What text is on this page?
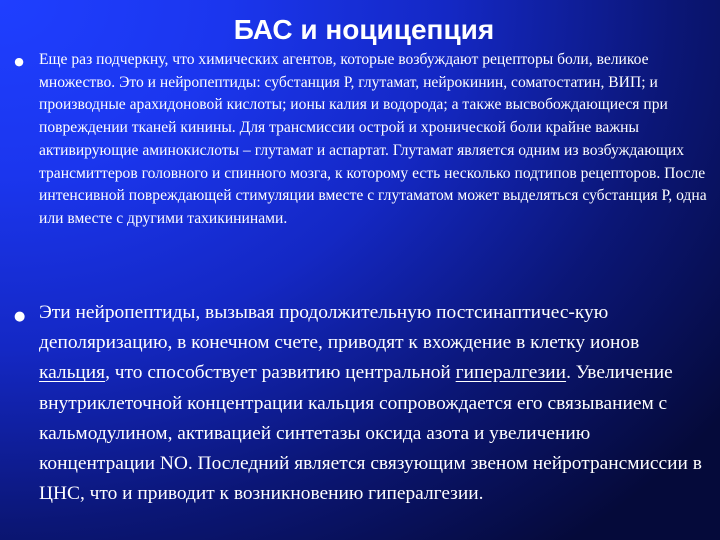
БАС и ноцицепция
● Еще раз подчеркну, что химических агентов, которые возбуждают рецепторы боли, великое множество. Это и нейропептиды: субстанция Р, глутамат, нейрокинин, соматостатин, ВИП; и производные арахидоновой кислоты; ионы калия и водорода; а также высвобождающиеся при повреждении тканей кинины. Для трансмиссии острой и хронической боли крайне важны активирующие аминокислоты – глутамат и аспартат. Глутамат является одним из возбуждающих трансмиттеров головного и спинного мозга, к которому есть несколько подтипов рецепторов. После интенсивной повреждающей стимуляции вместе с глутаматом может выделяться субстанция Р, одна или вместе с другими тахикининами.

● Эти нейропептиды, вызывая продолжительную постсинаптичес-кую деполяризацию, в конечном счете, приводят к вхождение в клетку ионов кальция, что способствует развитию центральной гипералгезии. Увеличение внутриклеточной концентрации кальция сопровождается его связыванием с кальмодулином, активацией синтетазы оксида азота и увеличению концентрации NO. Последний является связующим звеном нейротрансмиссии в ЦНС, что и приводит к возникновению гипералгезии.
